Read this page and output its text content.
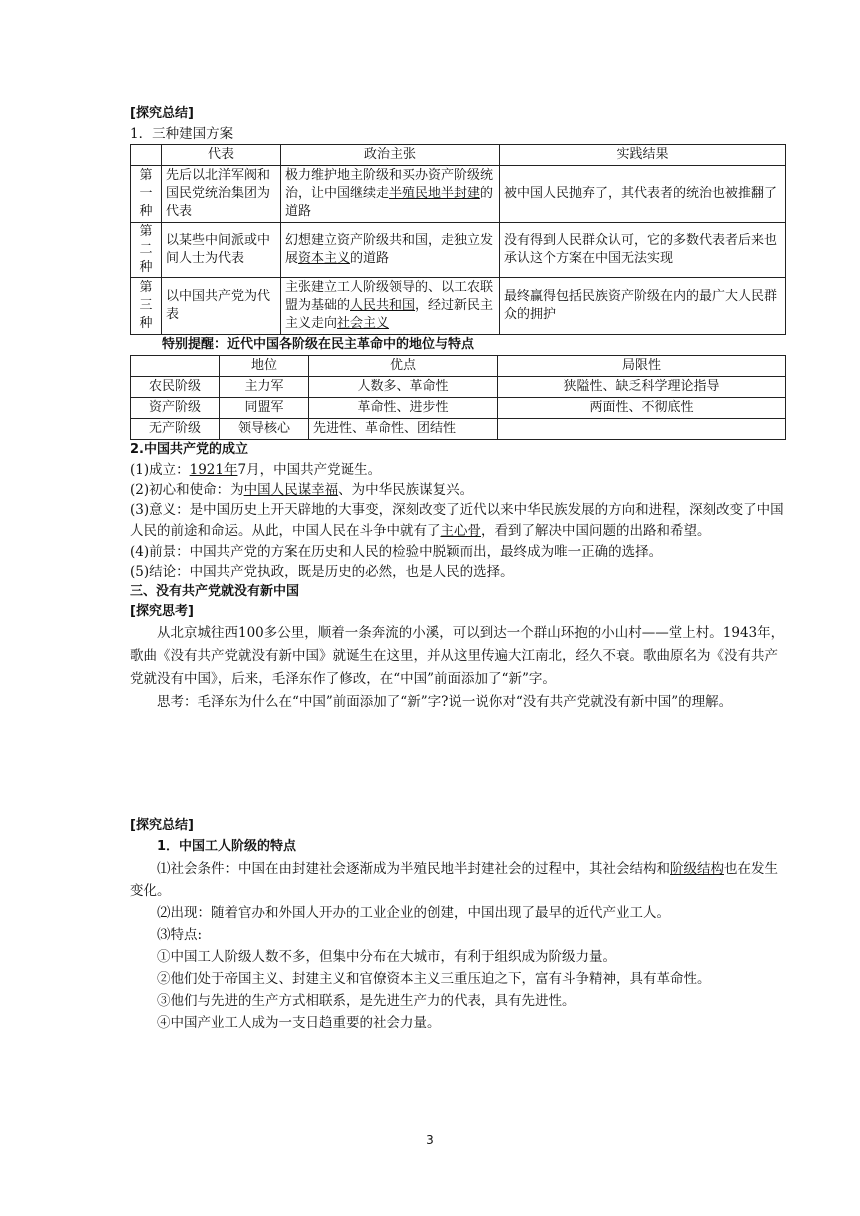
[探究总结]
1．三种建国方案
	代表	政治主张	实践结果
第一种	先后以北洋军阀和国民党统治集团为代表	极力维护地主阶级和买办资产阶级统治，让中国继续走半殖民地半封建的道路	被中国人民抛弃了，其代表者的统治也被推翻了
第二种	以某些中间派或中间人士为代表	幻想建立资产阶级共和国，走独立发展资本主义的道路	没有得到人民群众认可，它的多数代表者后来也承认这个方案在中国无法实现
第三种	以中国共产党为代表	主张建立工人阶级领导的、以工农联盟为基础的人民共和国，经过新民主主义走向社会主义	最终赢得包括民族资产阶级在内的最广大人民群众的拥护
特别提醒：近代中国各阶级在民主革命中的地位与特点
	地位	优点	局限性
农民阶级	主力军	人数多、革命性	狭隘性、缺乏科学理论指导
资产阶级	同盟军	革命性、进步性	两面性、不彻底性
无产阶级	领导核心	先进性、革命性、团结性	
2.中国共产党的成立
(1)成立：1921年7月，中国共产党诞生。
(2)初心和使命：为中国人民谋幸福、为中华民族谋复兴。
(3)意义：是中国历史上开天辟地的大事变，深刻改变了近代以来中华民族发展的方向和进程，深刻改变了中国人民的前途和命运。从此，中国人民在斗争中就有了主心骨，看到了解决中国问题的出路和希望。
(4)前景：中国共产党的方案在历史和人民的检验中脱颖而出，最终成为唯一正确的选择。
(5)结论：中国共产党执政，既是历史的必然，也是人民的选择。
三、没有共产党就没有新中国
[探究思考]
从北京城往西100多公里，顺着一条奔流的小溪，可以到达一个群山环抱的小山村——堂上村。1943年，歌曲《没有共产党就没有新中国》就诞生在这里，并从这里传遍大江南北，经久不衰。歌曲原名为《没有共产党就没有中国》，后来，毛泽东作了修改，在“中国”前面添加了“新”字。
思考：毛泽东为什么在“中国”前面添加了“新”字?说一说你对“没有共产党就没有新中国”的理解。
[探究总结]
1．中国工人阶级的特点
⑴社会条件：中国在由封建社会逐渐成为半殖民地半封建社会的过程中，其社会结构和阶级结构也在发生变化。
⑵出现：随着官办和外国人开办的工业企业的创建，中国出现了最早的近代产业工人。
⑶特点:
①中国工人阶级人数不多，但集中分布在大城市，有利于组织成为阶级力量。
②他们处于帝国主义、封建主义和官僚资本主义三重压迫之下，富有斗争精神，具有革命性。
③他们与先进的生产方式相联系，是先进生产力的代表，具有先进性。
④中国产业工人成为一支日趋重要的社会力量。
3
